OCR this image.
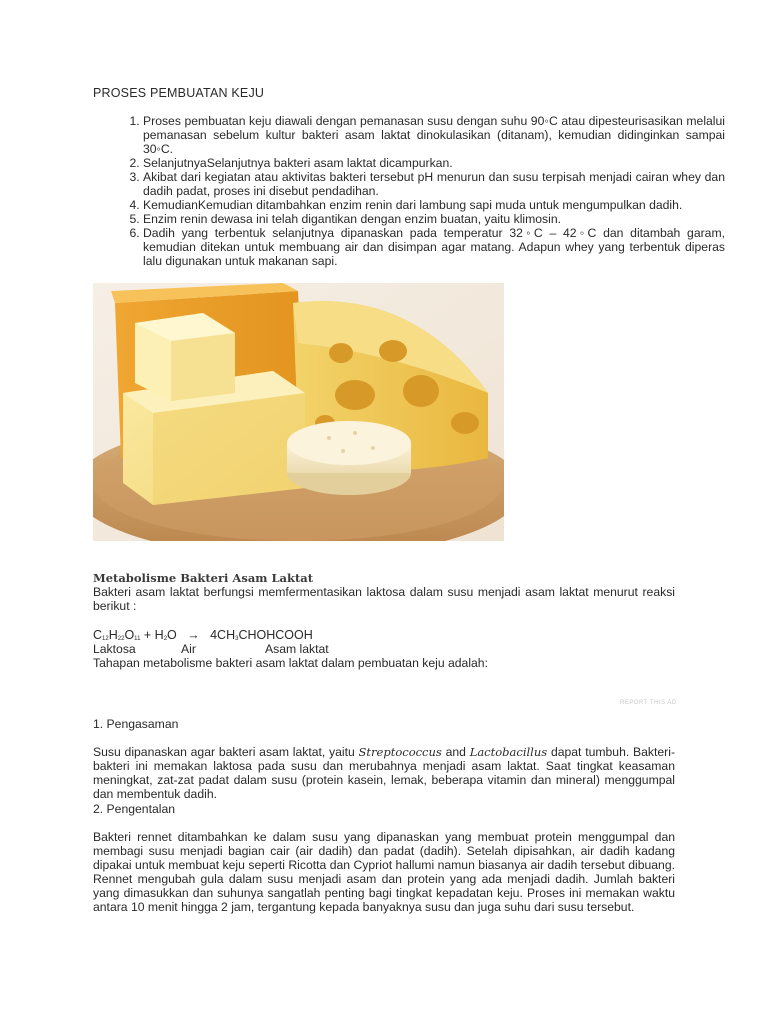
PROSES PEMBUATAN KEJU
1. Proses pembuatan keju diawali dengan pemanasan susu dengan suhu 90◦C atau dipesteurisasikan melalui pemanasan sebelum kultur bakteri asam laktat dinokulasikan (ditanam), kemudian didinginkan sampai 30◦C.
2. SelanjutnyaSelanjutnya bakteri asam laktat dicampurkan.
3. Akibat dari kegiatan atau aktivitas bakteri tersebut pH menurun dan susu terpisah menjadi cairan whey dan dadih padat, proses ini disebut pendadihan.
4. KemudianKemudian ditambahkan enzim renin dari lambung sapi muda untuk mengumpulkan dadih.
5. Enzim renin dewasa ini telah digantikan dengan enzim buatan, yaitu klimosin.
6. Dadih yang terbentuk selanjutnya dipanaskan pada temperatur 32◦C – 42◦C dan ditambah garam, kemudian ditekan untuk membuang air dan disimpan agar matang. Adapun whey yang terbentuk diperas lalu digunakan untuk makanan sapi.
Metabolisme Bakteri Asam Laktat
Bakteri asam laktat berfungsi memfermentasikan laktosa dalam susu menjadi asam laktat menurut reaksi berikut :
$C_{12}H_{22}O_{11} + H_2O$ → $4CH_3CHOHCOOH$
Laktosa	Air	Asam laktat
Tahapan metabolisme bakteri asam laktat dalam pembuatan keju adalah:
REPORT THIS AD
1. Pengasaman
Susu dipanaskan agar bakteri asam laktat, yaitu Streptococcus and Lactobacillus dapat tumbuh. Bakteri-bakteri ini memakan laktosa pada susu dan merubahnya menjadi asam laktat. Saat tingkat keasaman meningkat, zat-zat padat dalam susu (protein kasein, lemak, beberapa vitamin dan mineral) menggumpal dan membentuk dadih.
2. Pengentalan
Bakteri rennet ditambahkan ke dalam susu yang dipanaskan yang membuat protein menggumpal dan membagi susu menjadi bagian cair (air dadih) dan padat (dadih). Setelah dipisahkan, air dadih kadang dipakai untuk membuat keju seperti Ricotta dan Cypriot hallumi namun biasanya air dadih tersebut dibuang. Rennet mengubah gula dalam susu menjadi asam dan protein yang ada menjadi dadih. Jumlah bakteri yang dimasukkan dan suhunya sangatlah penting bagi tingkat kepadatan keju. Proses ini memakan waktu antara 10 menit hingga 2 jam, tergantung kepada banyaknya susu dan juga suhu dari susu tersebut.
